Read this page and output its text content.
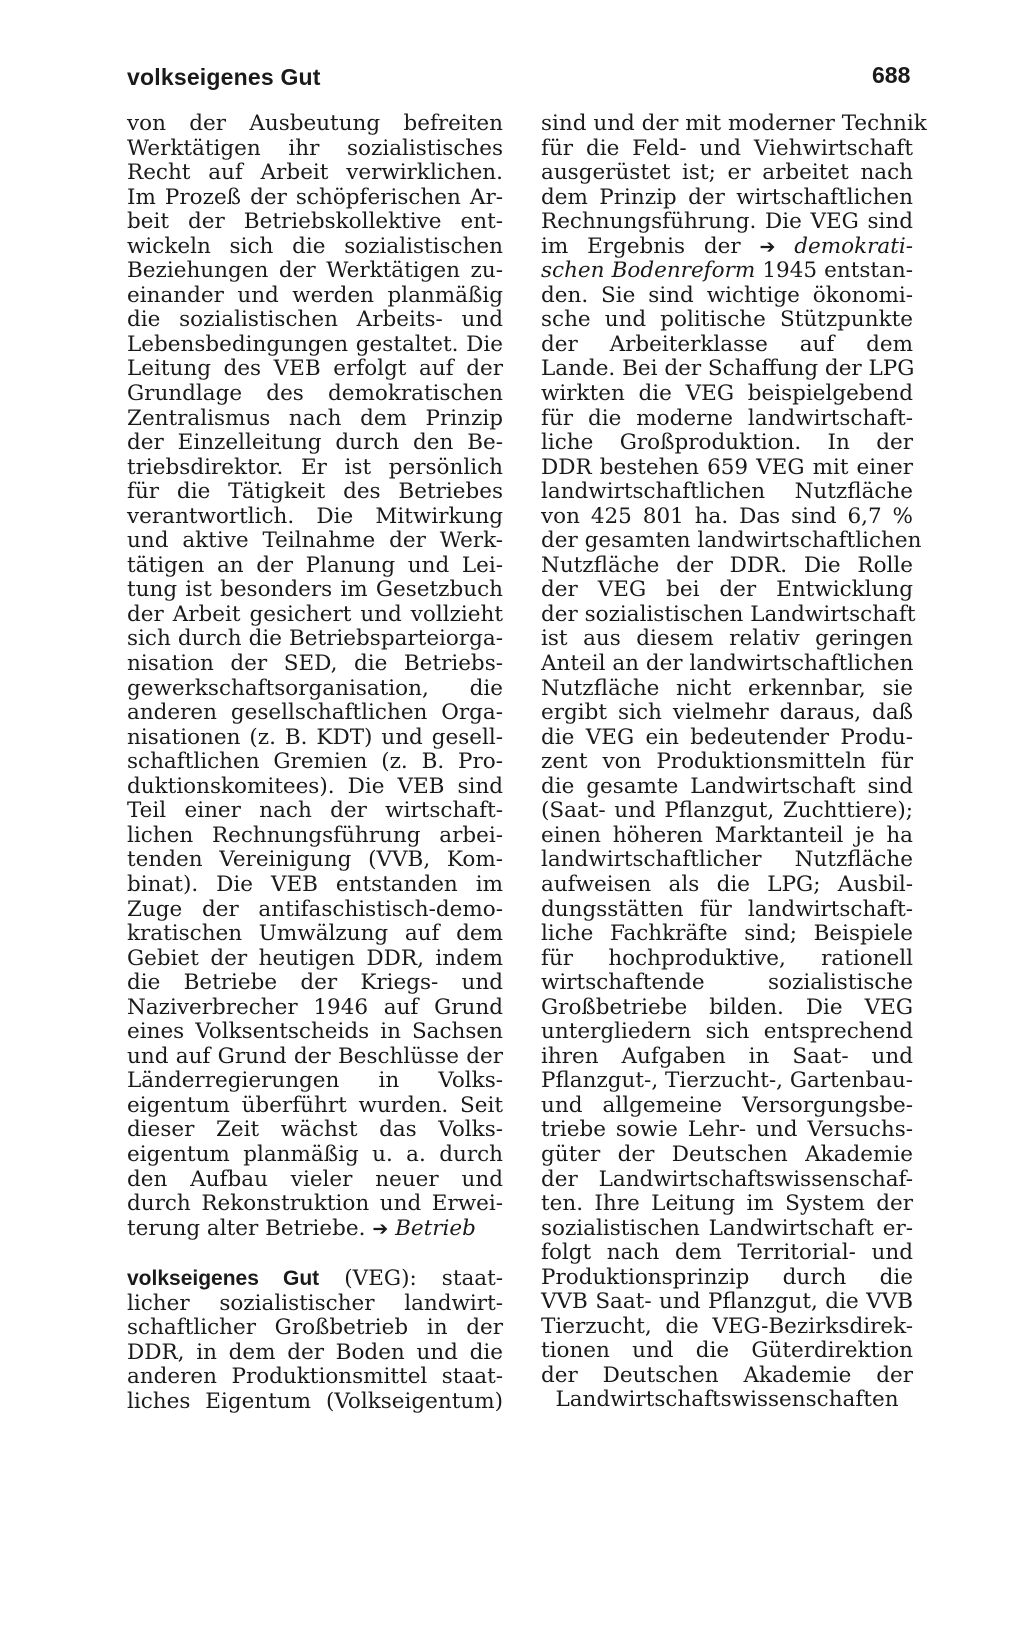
volkseigenes Gut	688
von der Ausbeutung befreiten
Werktätigen ihr sozialistisches
Recht auf Arbeit verwirklichen.
Im Prozeß der schöpferischen Ar-
beit der Betriebskollektive ent-
wickeln sich die sozialistischen
Beziehungen der Werktätigen zu-
einander und werden planmäßig
die sozialistischen Arbeits- und
Lebensbedingungen gestaltet. Die
Leitung des VEB erfolgt auf der
Grundlage des demokratischen
Zentralismus nach dem Prinzip
der Einzelleitung durch den Be-
triebsdirektor. Er ist persönlich
für die Tätigkeit des Betriebes
verantwortlich. Die Mitwirkung
und aktive Teilnahme der Werk-
tätigen an der Planung und Lei-
tung ist besonders im Gesetzbuch
der Arbeit gesichert und vollzieht
sich durch die Betriebsparteiorga-
nisation der SED, die Betriebs-
gewerkschaftsorganisation, die
anderen gesellschaftlichen Orga-
nisationen (z. B. KDT) und gesell-
schaftlichen Gremien (z. B. Pro-
duktionskomitees). Die VEB sind
Teil einer nach der wirtschaft-
lichen Rechnungsführung arbei-
tenden Vereinigung (VVB, Kom-
binat). Die VEB entstanden im
Zuge der antifaschistisch-demo-
kratischen Umwälzung auf dem
Gebiet der heutigen DDR, indem
die Betriebe der Kriegs- und
Naziverbrecher 1946 auf Grund
eines Volksentscheids in Sachsen
und auf Grund der Beschlüsse der
Länderregierungen in Volks-
eigentum überführt wurden. Seit
dieser Zeit wächst das Volks-
eigentum planmäßig u. a. durch
den Aufbau vieler neuer und
durch Rekonstruktion und Erwei-
terung alter Betriebe. ➔ Betrieb
volkseigenes Gut (VEG): staat-
licher sozialistischer landwirt-
schaftlicher Großbetrieb in der
DDR, in dem der Boden und die
anderen Produktionsmittel staat-
liches Eigentum (Volkseigentum)
sind und der mit moderner Technik
für die Feld- und Viehwirtschaft
ausgerüstet ist; er arbeitet nach
dem Prinzip der wirtschaftlichen
Rechnungsführung. Die VEG sind
im Ergebnis der ➔ demokrati-
schen Bodenreform 1945 entstan-
den. Sie sind wichtige ökonomi-
sche und politische Stützpunkte
der Arbeiterklasse auf dem
Lande. Bei der Schaffung der LPG
wirkten die VEG beispielgebend
für die moderne landwirtschaft-
liche Großproduktion. In der
DDR bestehen 659 VEG mit einer
landwirtschaftlichen Nutzfläche
von 425 801 ha. Das sind 6,7 %
der gesamten landwirtschaftlichen
Nutzfläche der DDR. Die Rolle
der VEG bei der Entwicklung
der sozialistischen Landwirtschaft
ist aus diesem relativ geringen
Anteil an der landwirtschaftlichen
Nutzfläche nicht erkennbar, sie
ergibt sich vielmehr daraus, daß
die VEG ein bedeutender Produ-
zent von Produktionsmitteln für
die gesamte Landwirtschaft sind
(Saat- und Pflanzgut, Zuchttiere);
einen höheren Marktanteil je ha
landwirtschaftlicher Nutzfläche
aufweisen als die LPG; Ausbil-
dungsstätten für landwirtschaft-
liche Fachkräfte sind; Beispiele
für hochproduktive, rationell
wirtschaftende sozialistische
Großbetriebe bilden. Die VEG
untergliedern sich entsprechend
ihren Aufgaben in Saat- und
Pflanzgut-, Tierzucht-, Gartenbau-
und allgemeine Versorgungsbe-
triebe sowie Lehr- und Versuchs-
güter der Deutschen Akademie
der Landwirtschaftswissenschaf-
ten. Ihre Leitung im System der
sozialistischen Landwirtschaft er-
folgt nach dem Territorial- und
Produktionsprinzip durch die
VVB Saat- und Pflanzgut, die VVB
Tierzucht, die VEG-Bezirksdirek-
tionen und die Güterdirektion
der Deutschen Akademie der
Landwirtschaftswissenschaften
